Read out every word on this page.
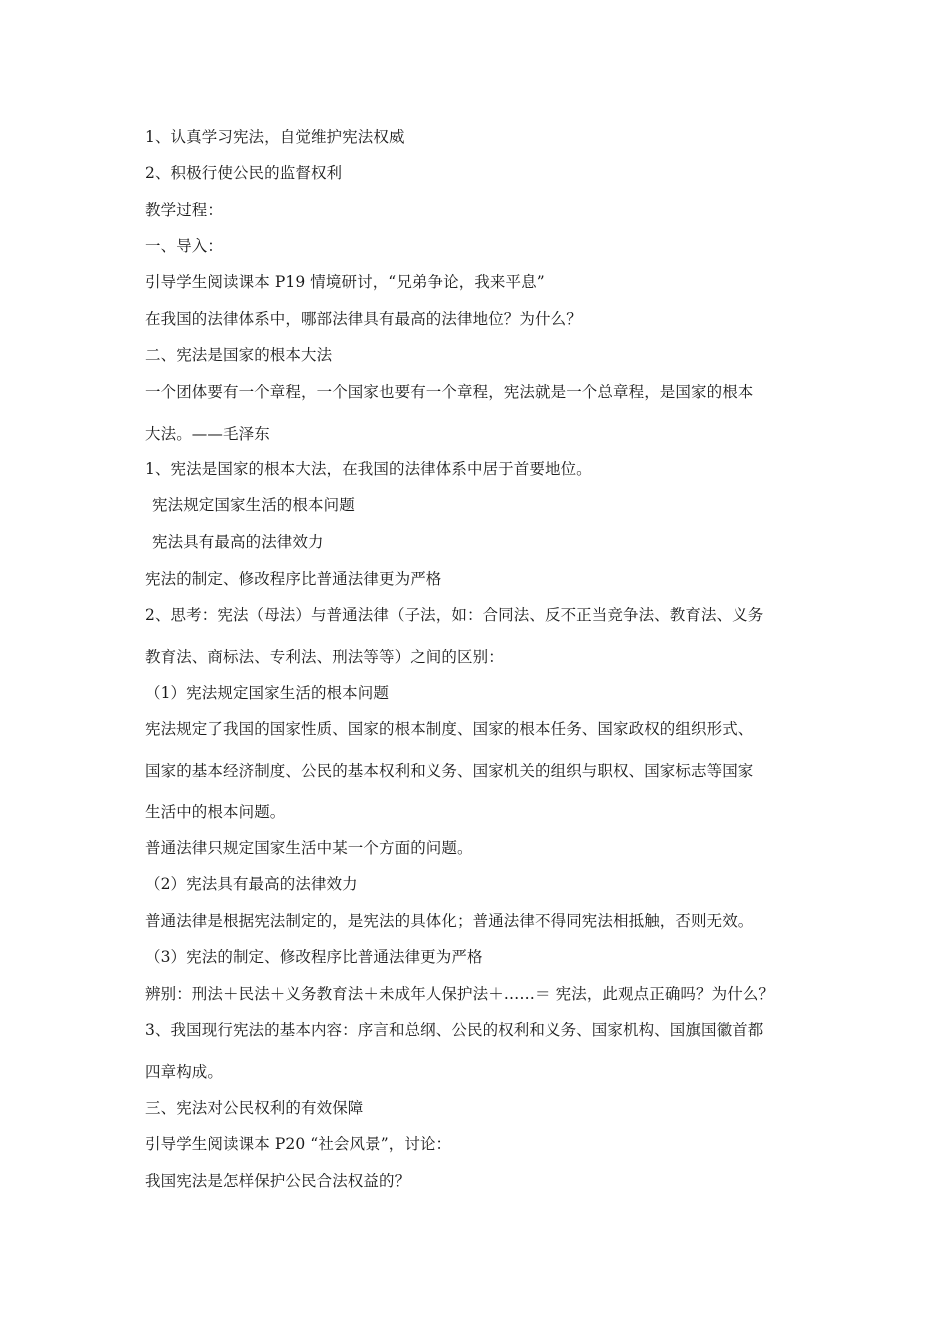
1、认真学习宪法，自觉维护宪法权威
2、积极行使公民的监督权利
教学过程：
一、导入：
引导学生阅读课本 P19 情境研讨，“兄弟争论，我来平息”
在我国的法律体系中，哪部法律具有最高的法律地位？为什么？
二、宪法是国家的根本大法
一个团体要有一个章程，一个国家也要有一个章程，宪法就是一个总章程，是国家的根本
大法。——毛泽东
1、宪法是国家的根本大法，在我国的法律体系中居于首要地位。
宪法规定国家生活的根本问题
宪法具有最高的法律效力
宪法的制定、修改程序比普通法律更为严格
2、思考：宪法（母法）与普通法律（子法，如：合同法、反不正当竞争法、教育法、义务
教育法、商标法、专利法、刑法等等）之间的区别：
（1）宪法规定国家生活的根本问题
宪法规定了我国的国家性质、国家的根本制度、国家的根本任务、国家政权的组织形式、
国家的基本经济制度、公民的基本权利和义务、国家机关的组织与职权、国家标志等国家
生活中的根本问题。
普通法律只规定国家生活中某一个方面的问题。
（2）宪法具有最高的法律效力
普通法律是根据宪法制定的，是宪法的具体化；普通法律不得同宪法相抵触，否则无效。
（3）宪法的制定、修改程序比普通法律更为严格
辨别：刑法＋民法＋义务教育法＋未成年人保护法＋……＝ 宪法，此观点正确吗？为什么？
3、我国现行宪法的基本内容：序言和总纲、公民的权利和义务、国家机构、国旗国徽首都
四章构成。
三、宪法对公民权利的有效保障
引导学生阅读课本 P20 “社会风景”，讨论：
我国宪法是怎样保护公民合法权益的？
